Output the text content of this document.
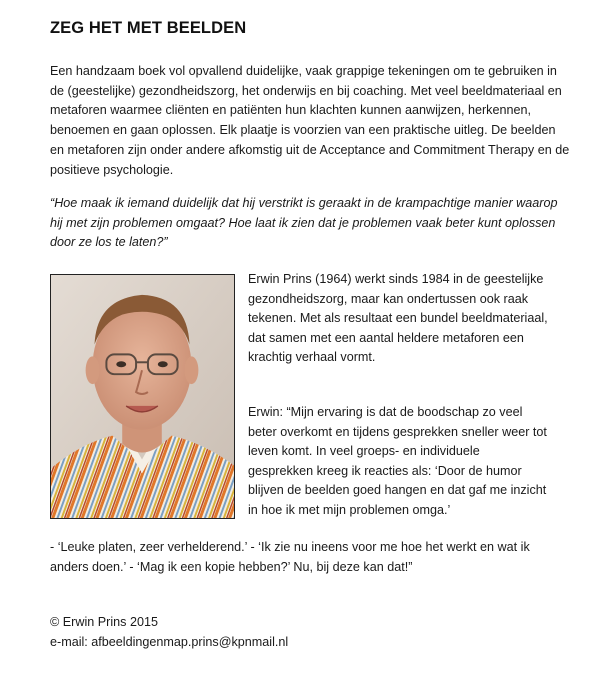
ZEG HET MET BEELDEN

Een handzaam boek vol opvallend duidelijke, vaak grappige tekeningen om te gebruiken in de (geestelijke) gezondheidszorg, het onderwijs en bij coaching. Met veel beeldmateriaal en metaforen waarmee cliënten en patiënten hun klachten kunnen aanwijzen, herkennen, benoemen en gaan oplossen. Elk plaatje is voorzien van een praktische uitleg. De beelden en metaforen zijn onder andere afkomstig uit de Acceptance and Commitment Therapy en de positieve psychologie.

“Hoe maak ik iemand duidelijk dat hij verstrikt is geraakt in de krampachtige manier waarop hij met zijn problemen omgaat? Hoe laat ik zien dat je problemen vaak beter kunt oplossen door ze los te laten?”

Erwin Prins (1964) werkt sinds 1984 in de geestelijke gezondheidszorg, maar kan ondertussen ook raak tekenen. Met als resultaat een bundel beeldmateriaal, dat samen met een aantal heldere metaforen een krachtig verhaal vormt.

Erwin: “Mijn ervaring is dat de boodschap zo veel beter overkomt en tijdens gesprekken sneller weer tot leven komt. In veel groeps- en individuele gesprekken kreeg ik reacties als: ‘Door de humor blijven de beelden goed hangen en dat gaf me inzicht in hoe ik met mijn problemen omga.’

- ‘Leuke platen, zeer verhelderend.’ - ‘Ik zie nu ineens voor me hoe het werkt en wat ik anders doen.’ - ‘Mag ik een kopie hebben?’ Nu, bij deze kan dat!”

© Erwin Prins 2015
e-mail: afbeeldingenmap.prins@kpnmail.nl
